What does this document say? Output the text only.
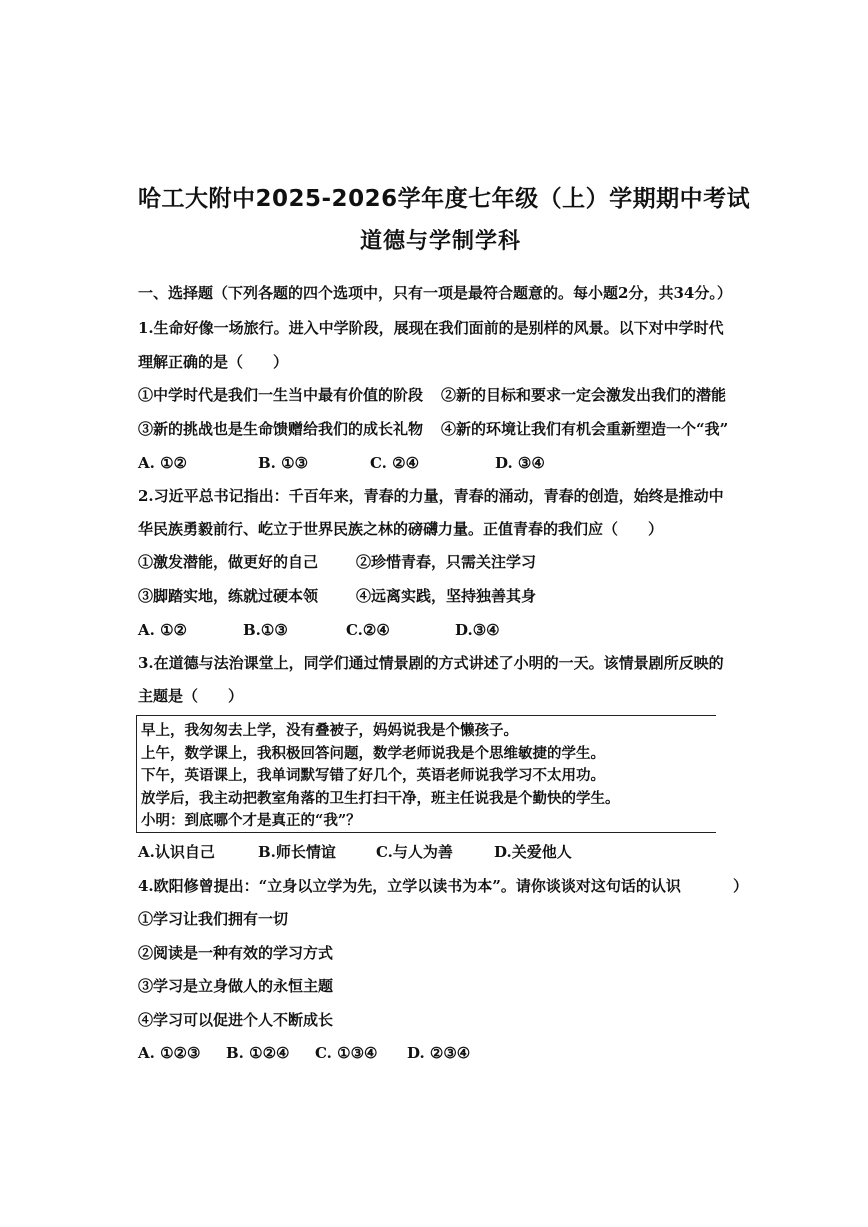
哈工大附中2025-2026学年度七年级（上）学期期中考试
道德与学制学科
一、选择题（下列各题的四个选项中，只有一项是最符合题意的。每小题2分，共34分。）
1.生命好像一场旅行。进入中学阶段，展现在我们面前的是别样的风景。以下对中学时代
理解正确的是（　　）
①中学时代是我们一生当中最有价值的阶段 ②新的目标和要求一定会激发出我们的潜能
③新的挑战也是生命馈赠给我们的成长礼物 ④新的环境让我们有机会重新塑造一个“我”
A. ①②	B. ①③	C. ②④	D. ③④
2.习近平总书记指出：千百年来，青春的力量，青春的涌动，青春的创造，始终是推动中
华民族勇毅前行、屹立于世界民族之林的磅礴力量。正值青春的我们应（　　）
①激发潜能，做更好的自己	②珍惜青春，只需关注学习
③脚踏实地，练就过硬本领	④远离实践，坚持独善其身
A. ①②	B.①③	C.②④	D.③④
3.在道德与法治课堂上，同学们通过情景剧的方式讲述了小明的一天。该情景剧所反映的
主题是（　　）
早上，我匆匆去上学，没有叠被子，妈妈说我是个懒孩子。
上午，数学课上，我积极回答问题，数学老师说我是个思维敏捷的学生。
下午，英语课上，我单词默写错了好几个，英语老师说我学习不太用功。
放学后，我主动把教室角落的卫生打扫干净，班主任说我是个勤快的学生。
小明：到底哪个才是真正的“我”？
A.认识自己	B.师长情谊	C.与人为善	D.关爱他人
4.欧阳修曾提出：“立身以立学为先，立学以读书为本”。请你谈谈对这句话的认识	）
①学习让我们拥有一切
②阅读是一种有效的学习方式
③学习是立身做人的永恒主题
④学习可以促进个人不断成长
A. ①②③ B. ①②④ C. ①③④ D. ②③④
